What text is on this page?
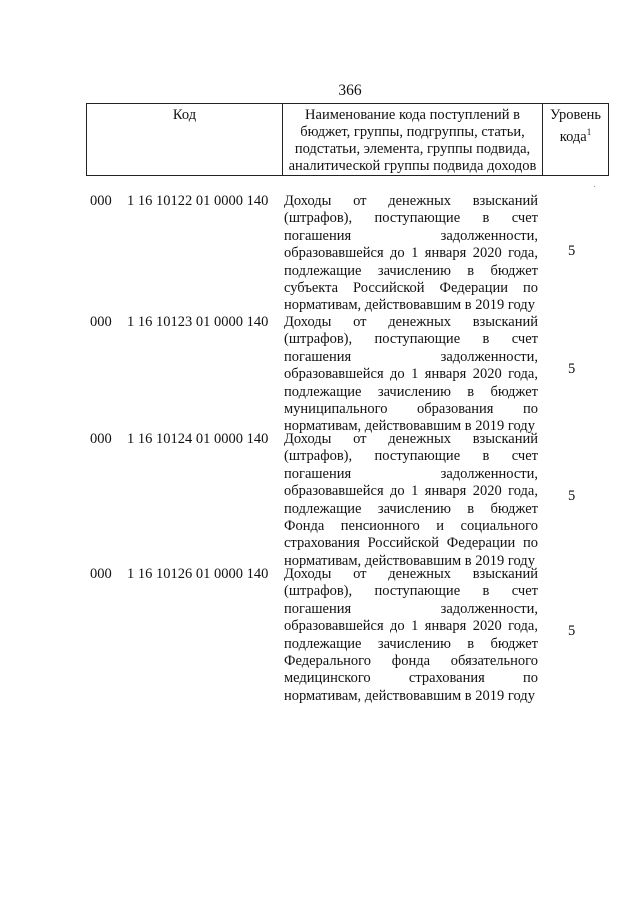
366
Код	Наименование кода поступлений в
бюджет, группы, подгруппы, статьи,
подстатьи, элемента, группы подвида,
аналитической группы подвида доходов
Уровень
кода$^1$
000 1 16 10122 01 0000 140 Доходы от денежных взысканий
(штрафов), поступающие в счет
погашения задолженности,
образовавшейся до 1 января 2020 года,
подлежащие зачислению в бюджет
субъекта Российской Федерации по
нормативам, действовавшим в 2019 году
5
000 1 16 10123 01 0000 140 Доходы от денежных взысканий
(штрафов), поступающие в счет
погашения задолженности,
образовавшейся до 1 января 2020 года,
подлежащие зачислению в бюджет
муниципального образования по
нормативам, действовавшим в 2019 году
5
000 1 16 10124 01 0000 140 Доходы от денежных взысканий
(штрафов), поступающие в счет
погашения задолженности,
образовавшейся до 1 января 2020 года,
подлежащие зачислению в бюджет
Фонда пенсионного и социального
страхования Российской Федерации по
нормативам, действовавшим в 2019 году
5
000 1 16 10126 01 0000 140 Доходы от денежных взысканий
(штрафов), поступающие в счет
погашения задолженности,
образовавшейся до 1 января 2020 года,
подлежащие зачислению в бюджет
Федерального фонда обязательного
медицинского страхования по
нормативам, действовавшим в 2019 году
5
